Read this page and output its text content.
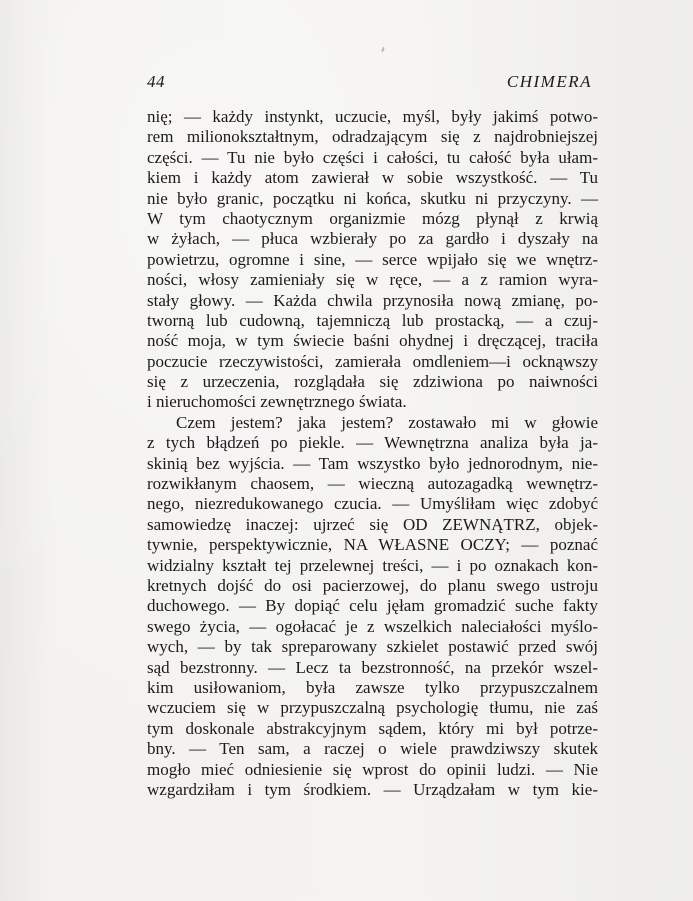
44	CHIMERA
nię; — każdy instynkt, uczucie, myśl, były jakimś potwo-
rem milionokształtnym, odradzającym się z najdrobniejszej
części. — Tu nie było części i całości, tu całość była ułam-
kiem i każdy atom zawierał w sobie wszystkość. — Tu
nie było granic, początku ni końca, skutku ni przyczyny. —
W tym chaotycznym organizmie mózg płynął z krwią
w żyłach, — płuca wzbierały po za gardło i dyszały na
powietrzu, ogromne i sine, — serce wpijało się we wnętrz-
ności, włosy zamieniały się w ręce, — a z ramion wyra-
stały głowy. — Każda chwila przynosiła nową zmianę, po-
tworną lub cudowną, tajemniczą lub prostacką, — a czuj-
ność moja, w tym świecie baśni ohydnej i dręczącej, traciła
poczucie rzeczywistości, zamierała omdleniem—i ocknąwszy
się z urzeczenia, rozglądała się zdziwiona po naiwności
i nieruchomości zewnętrznego świata.
Czem jestem? jaka jestem? zostawało mi w głowie
z tych błądzeń po piekle. — Wewnętrzna analiza była ja-
skinią bez wyjścia. — Tam wszystko było jednorodnym, nie-
rozwikłanym chaosem, — wieczną autozagadką wewnętrz-
nego, niezredukowanego czucia. — Umyśliłam więc zdobyć
samowiedzę inaczej: ujrzeć się OD ZEWNĄTRZ, objek-
tywnie, perspektywicznie, NA WŁASNE OCZY; — poznać
widzialny kształt tej przelewnej treści, — i po oznakach kon-
kretnych dojść do osi pacierzowej, do planu swego ustroju
duchowego. — By dopiąć celu jęłam gromadzić suche fakty
swego życia, — ogołacać je z wszelkich naleciałości myślo-
wych, — by tak spreparowany szkielet postawić przed swój
sąd bezstronny. — Lecz ta bezstronność, na przekór wszel-
kim usiłowaniom, była zawsze tylko przypuszczalnem
wczuciem się w przypuszczalną psychologię tłumu, nie zaś
tym doskonale abstrakcyjnym sądem, który mi był potrze-
bny. — Ten sam, a raczej o wiele prawdziwszy skutek
mogło mieć odniesienie się wprost do opinii ludzi. — Nie
wzgardziłam i tym środkiem. — Urządzałam w tym kie-
